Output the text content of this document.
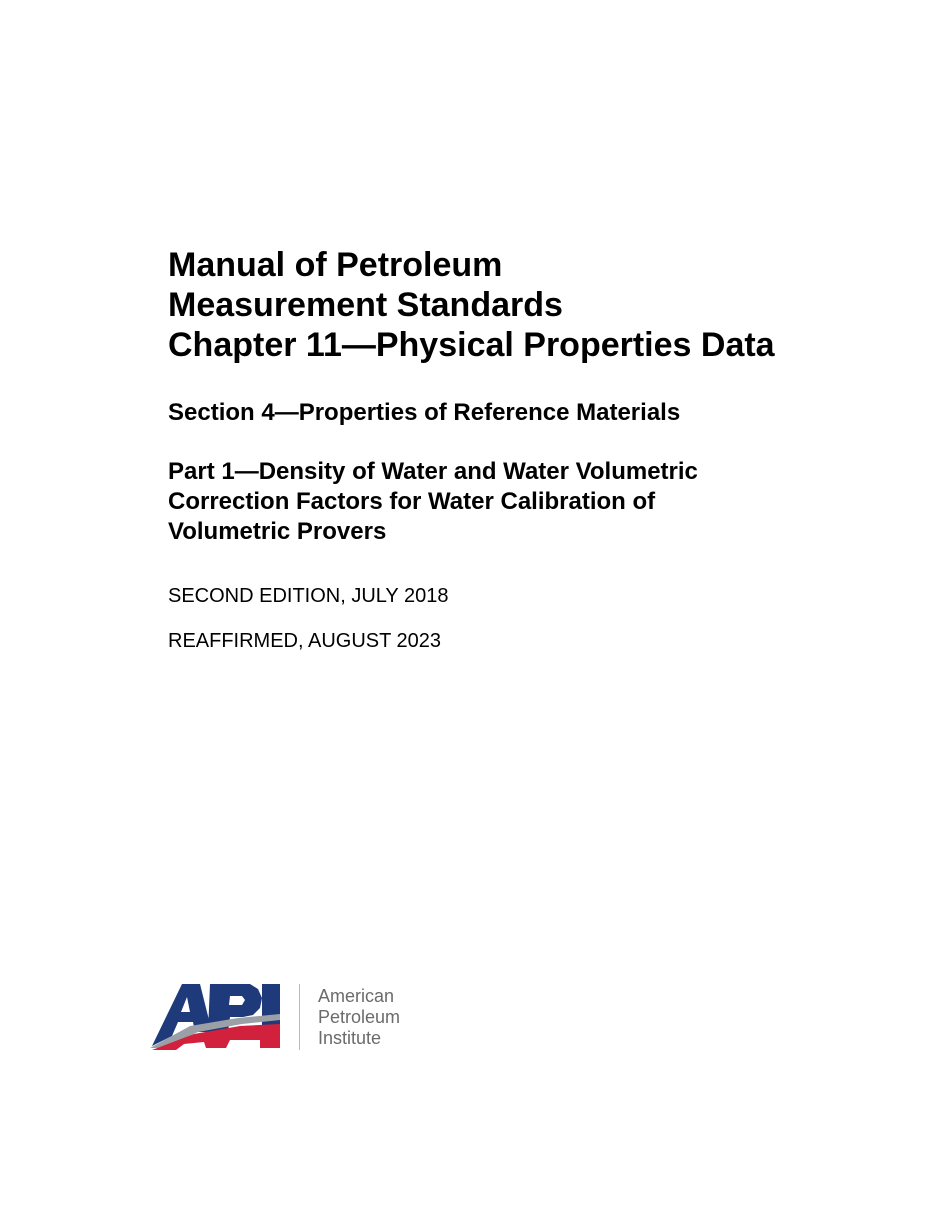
Manual of Petroleum
Measurement Standards
Chapter 11—Physical Properties Data
Section 4—Properties of Reference Materials
Part 1—Density of Water and Water Volumetric
Correction Factors for Water Calibration of
Volumetric Provers

SECOND EDITION, JULY 2018

REAFFIRMED, AUGUST 2023

American
Petroleum
Institute
